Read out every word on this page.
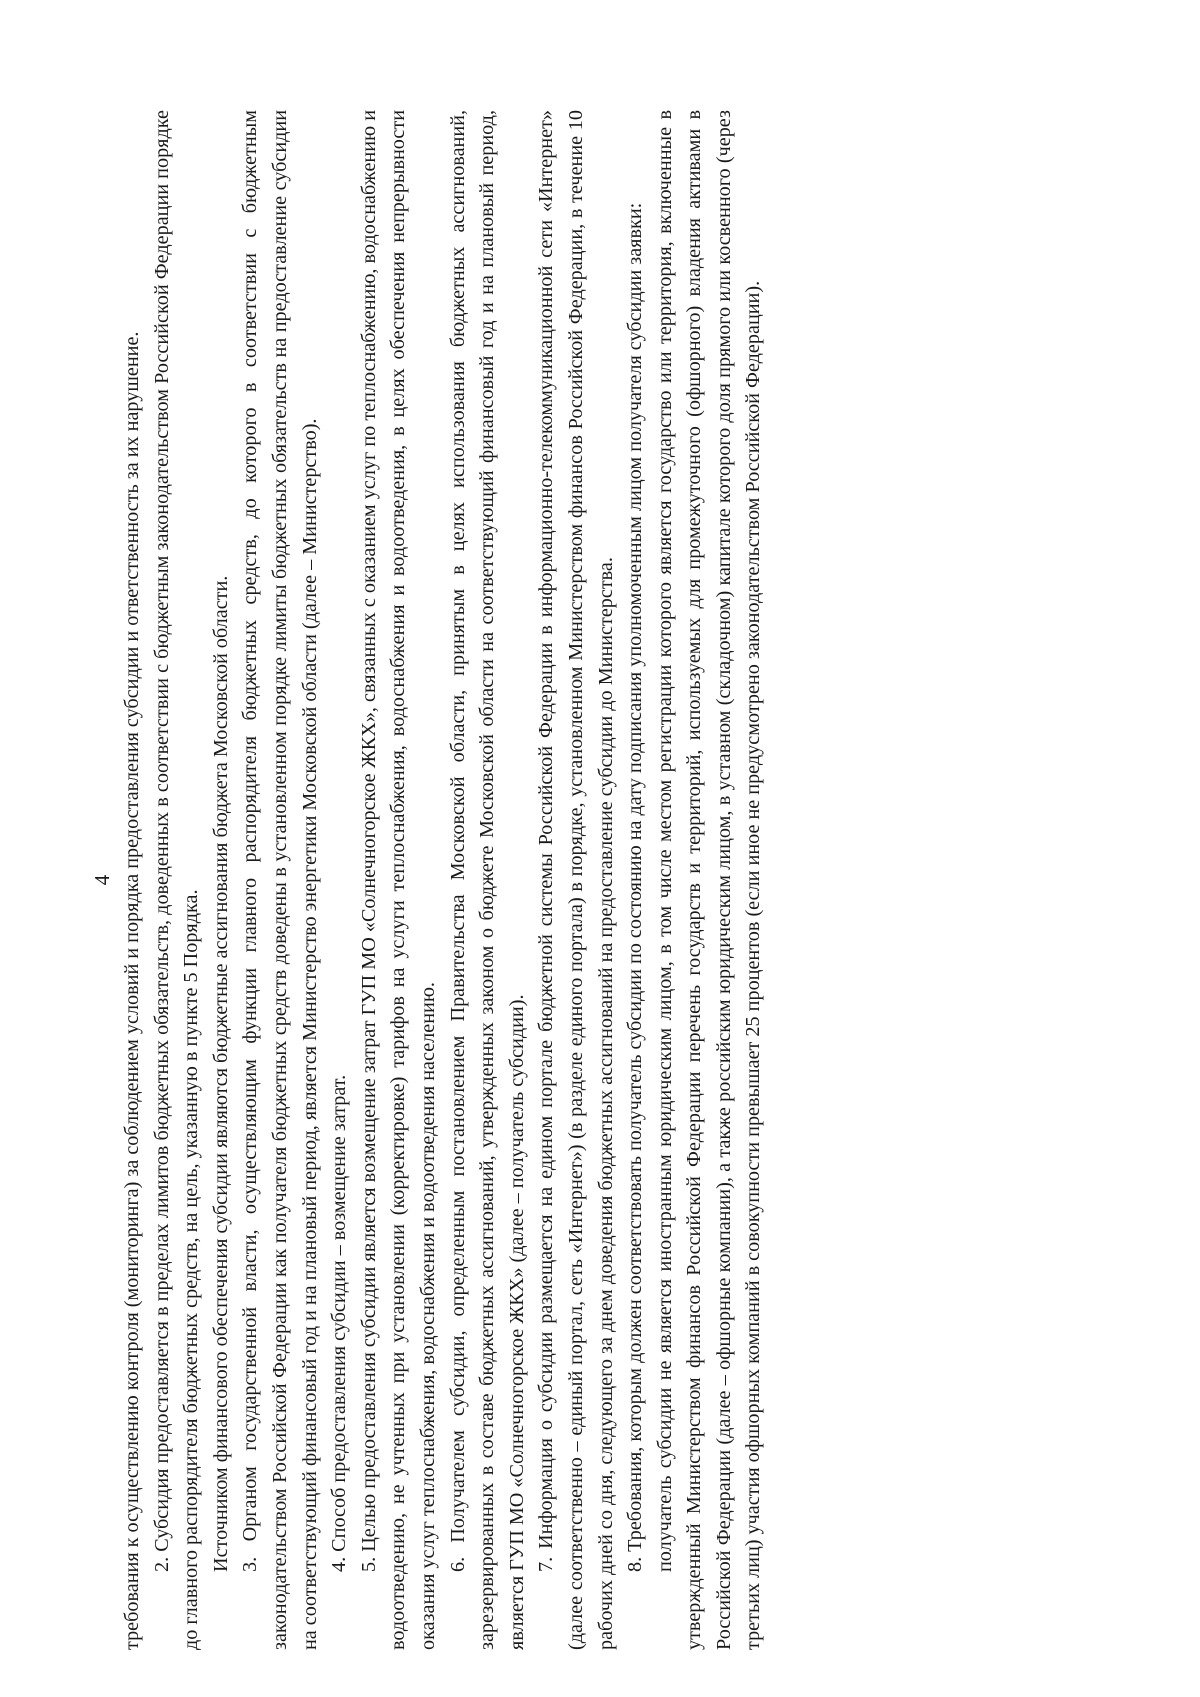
4 требования к осуществлению контроля (мониторинга) за соблюдением условий и порядка предоставления субсидии и ответственность за их нарушение. 2. Субсидия предоставляется в пределах лимитов бюджетных обязательств, доведенных в соответствии с бюджетным законодательством Российской Федерации порядке до главного распорядителя бюджетных средств, на цель, указанную в пункте 5 Порядка. Источником финансового обеспечения субсидии являются бюджетные ассигнования бюджета Московской области. 3. Органом государственной власти, осуществляющим функции главного распорядителя бюджетных средств, до которого в соответствии с бюджетным законодательством Российской Федерации как получателя бюджетных средств доведены в установленном порядке лимиты бюджетных обязательств на предоставление субсидии на соответствующий финансовый год и на плановый период, является Министерство энергетики Московской области (далее – Министерство). 4. Способ предоставления субсидии – возмещение затрат. 5. Целью предоставления субсидии является возмещение затрат ГУП МО «Солнечногорское ЖКХ», связанных с оказанием услуг по теплоснабжению, водоснабжению и водоотведению, не учтенных при установлении (корректировке) тарифов на услуги теплоснабжения, водоснабжения и водоотведения, в целях обеспечения непрерывности оказания услуг теплоснабжения, водоснабжения и водоотведения населению. 6. Получателем субсидии, определенным постановлением Правительства Московской области, принятым в целях использования бюджетных ассигнований, зарезервированных в составе бюджетных ассигнований, утвержденных законом о бюджете Московской области на соответствующий финансовый год и на плановый период, является ГУП МО «Солнечногорское ЖКХ» (далее – получатель субсидии). 7. Информация о субсидии размещается на едином портале бюджетной системы Российской Федерации в информационно-телекоммуникационной сети «Интернет» (далее соответственно – единый портал, сеть «Интернет») (в разделе единого портала) в порядке, установленном Министерством финансов Российской Федерации, в течение 10 рабочих дней со дня, следующего за днем доведения бюджетных ассигнований на предоставление субсидии до Министерства. 8. Требования, которым должен соответствовать получатель субсидии по состоянию на дату подписания уполномоченным лицом получателя субсидии заявки: получатель субсидии не является иностранным юридическим лицом, в том числе местом регистрации которого является государство или территория, включенные в утвержденный Министерством финансов Российской Федерации перечень государств и территорий, используемых для промежуточного (офшорного) владения активами в Российской Федерации (далее – офшорные компании), а также российским юридическим лицом, в уставном (складочном) капитале которого доля прямого или косвенного (через третьих лиц) участия офшорных компаний в совокупности превышает 25 процентов (если иное не предусмотрено законодательством Российской Федерации).
